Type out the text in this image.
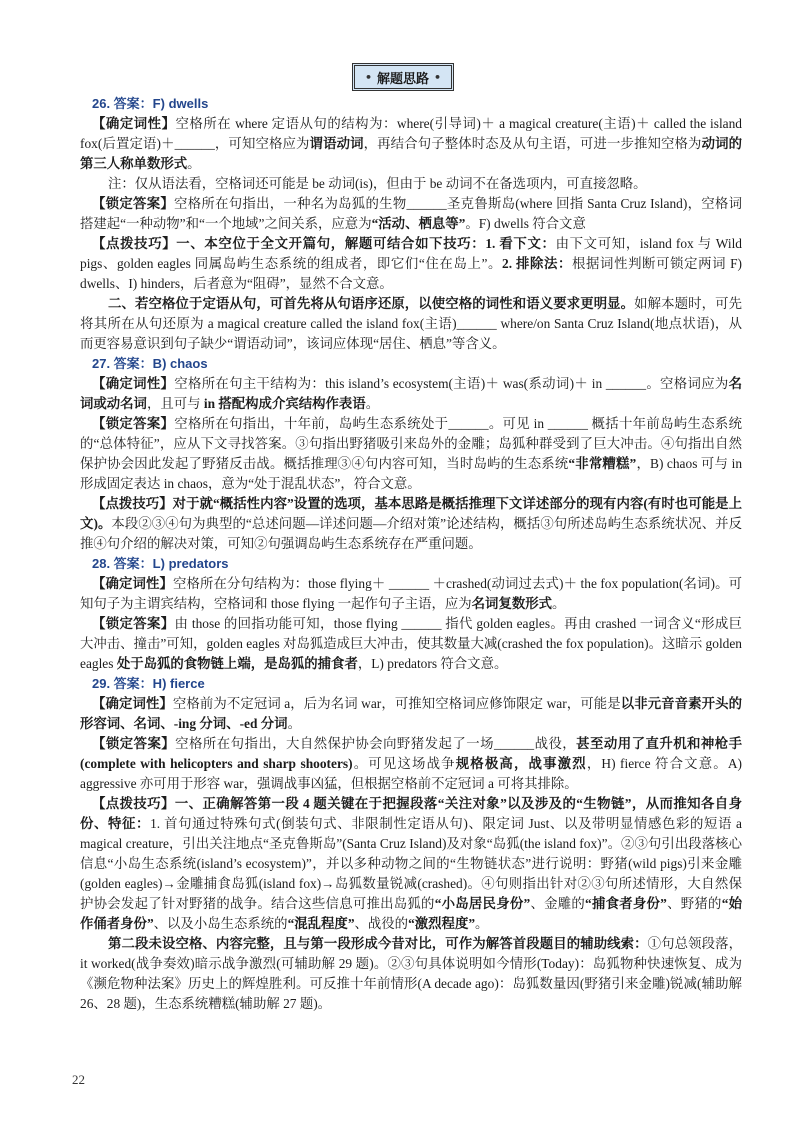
• 解题思路 •

26. 答案：F) dwells

【确定词性】空格所在 where 定语从句的结构为：where(引导词)＋ a magical creature(主语)＋ called the island fox(后置定语)＋______，可知空格应为谓语动词，再结合句子整体时态及从句主语，可进一步推知空格为动词的第三人称单数形式。

注：仅从语法看，空格词还可能是 be 动词(is)，但由于 be 动词不在备选项内，可直接忽略。

【锁定答案】空格所在句指出，一种名为岛狐的生物______圣克鲁斯岛(where 回指 Santa Cruz Island)，空格词搭建起“一种动物”和“一个地域”之间关系，应意为“活动、栖息等”。F) dwells 符合文意

【点拨技巧】一、本空位于全文开篇句，解题可结合如下技巧：1. 看下文：由下文可知，island fox 与 Wild pigs、golden eagles 同属岛屿生态系统的组成者，即它们“住在岛上”。2. 排除法：根据词性判断可锁定两词 F) dwells、I) hinders，后者意为“阻碍”，显然不合文意。

二、若空格位于定语从句，可首先将从句语序还原，以使空格的词性和语义要求更明显。如解本题时，可先将其所在从句还原为 a magical creature called the island fox(主语)______ where/on Santa Cruz Island(地点状语)，从而更容易意识到句子缺少“谓语动词”，该词应体现“居住、栖息”等含义。

27. 答案：B) chaos

【确定词性】空格所在句主干结构为：this island’s ecosystem(主语)＋ was(系动词)＋ in ______。空格词应为名词或动名词，且可与 in 搭配构成介宾结构作表语。

【锁定答案】空格所在句指出，十年前，岛屿生态系统处于______。可见 in ______ 概括十年前岛屿生态系统的“总体特征”，应从下文寻找答案。③句指出野猪吸引来岛外的金雕；岛狐种群受到了巨大冲击。④句指出自然保护协会因此发起了野猪反击战。概括推理③④句内容可知，当时岛屿的生态系统“非常糟糕”，B) chaos 可与 in 形成固定表达 in chaos，意为“处于混乱状态”，符合文意。

【点拨技巧】对于就“概括性内容”设置的选项，基本思路是概括推理下文详述部分的现有内容(有时也可能是上文)。本段②③④句为典型的“总述问题—详述问题—介绍对策”论述结构，概括③句所述岛屿生态系统状况、并反推④句介绍的解决对策，可知②句强调岛屿生态系统存在严重问题。

28. 答案：L) predators

【确定词性】空格所在分句结构为：those flying＋ ______ ＋crashed(动词过去式)＋ the fox population(名词)。可知句子为主谓宾结构，空格词和 those flying 一起作句子主语，应为名词复数形式。

【锁定答案】由 those 的回指功能可知，those flying ______ 指代 golden eagles。再由 crashed 一词含义“形成巨大冲击、撞击”可知，golden eagles 对岛狐造成巨大冲击，使其数量大减(crashed the fox population)。这暗示 golden eagles 处于岛狐的食物链上端，是岛狐的捕食者，L) predators 符合文意。

29. 答案：H) fierce

【确定词性】空格前为不定冠词 a，后为名词 war，可推知空格词应修饰限定 war，可能是以非元音音素开头的形容词、名词、-ing 分词、-ed 分词。

【锁定答案】空格所在句指出，大自然保护协会向野猪发起了一场______战役，甚至动用了直升机和神枪手(complete with helicopters and sharp shooters)。可见这场战争规格极高，战事激烈，H) fierce 符合文意。A) aggressive 亦可用于形容 war，强调战事凶猛，但根据空格前不定冠词 a 可将其排除。

【点拨技巧】一、正确解答第一段 4 题关键在于把握段落“关注对象”以及涉及的“生物链”，从而推知各自身份、特征：1. 首句通过特殊句式(倒装句式、非限制性定语从句)、限定词 Just、以及带明显情感色彩的短语 a magical creature，引出关注地点“圣克鲁斯岛”(Santa Cruz Island)及对象“岛狐(the island fox)”。②③句引出段落核心信息“小岛生态系统(island’s ecosystem)”，并以多种动物之间的“生物链状态”进行说明：野猪(wild pigs)引来金雕(golden eagles)→金雕捕食岛狐(island fox)→岛狐数量锐减(crashed)。④句则指出针对②③句所述情形，大自然保护协会发起了针对野猪的战争。结合这些信息可推出岛狐的“小岛居民身份”、金雕的“捕食者身份”、野猪的“始作俑者身份”、以及小岛生态系统的“混乱程度”、战役的“激烈程度”。

第二段未设空格、内容完整，且与第一段形成今昔对比，可作为解答首段题目的辅助线索：①句总领段落，it worked(战争奏效)暗示战争激烈(可辅助解 29 题)。②③句具体说明如今情形(Today)：岛狐物种快速恢复、成为《濒危物种法案》历史上的辉煌胜利。可反推十年前情形(A decade ago)：岛狐数量因(野猪引来金雕)锐减(辅助解 26、28 题)，生态系统糟糕(辅助解 27 题)。

22
